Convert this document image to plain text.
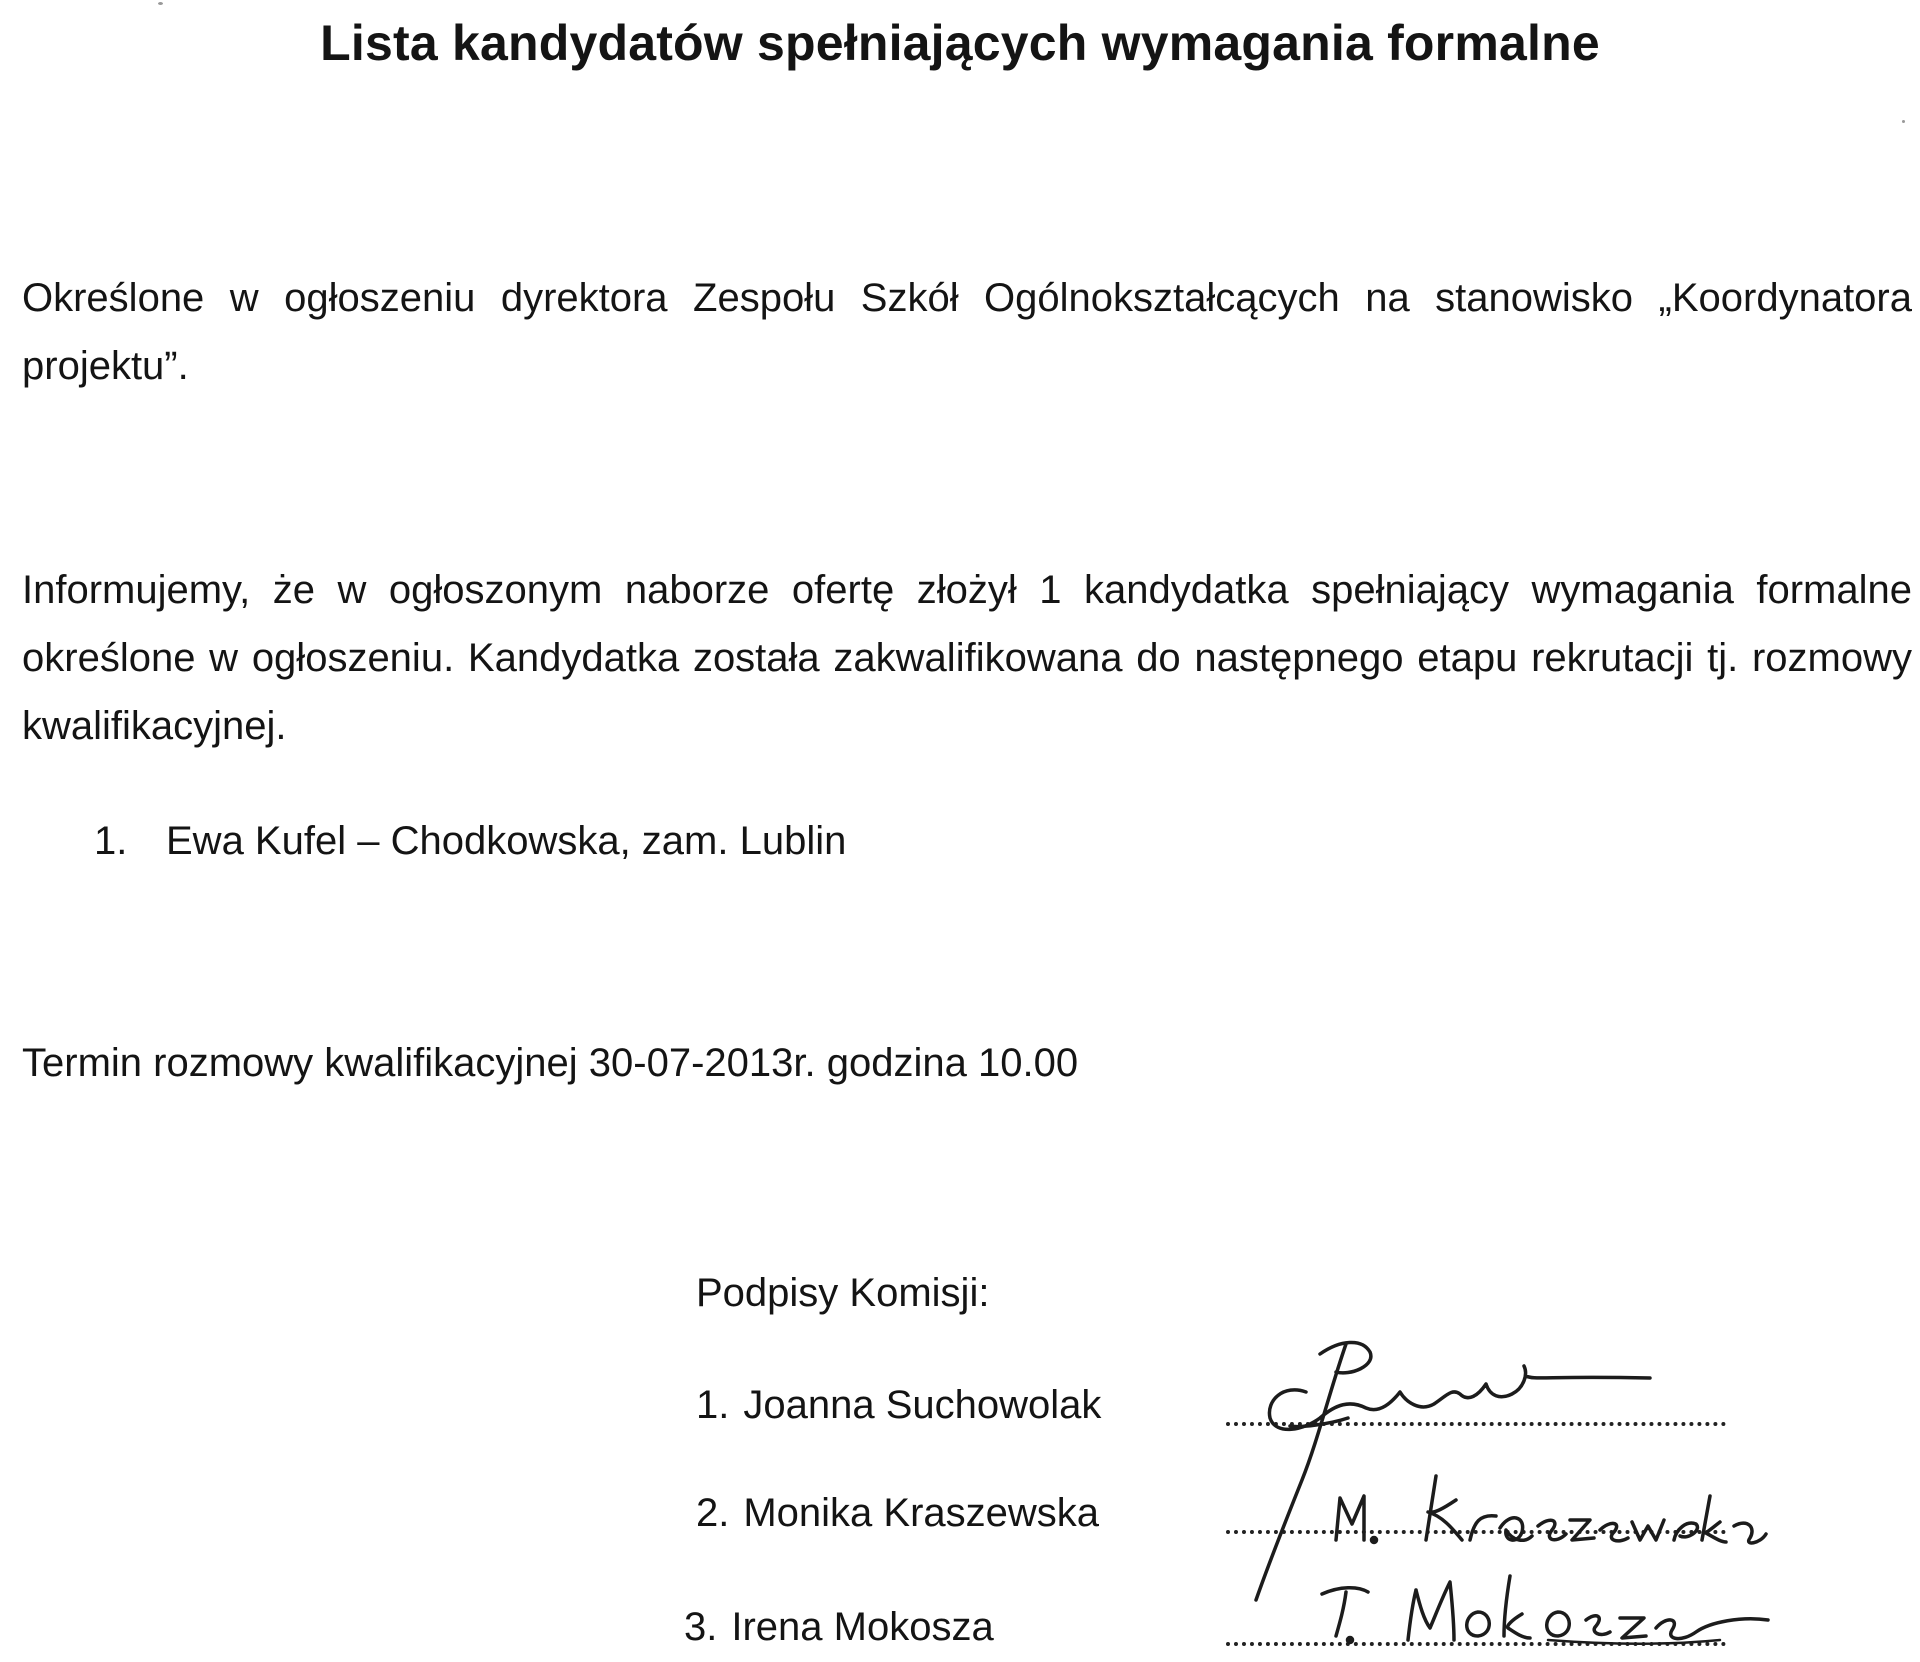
Lista kandydatów spełniających wymagania formalne
Określone w ogłoszeniu dyrektora Zespołu Szkół Ogólnokształcących na stanowisko „Koordynatora projektu”.
Informujemy, że w ogłoszonym naborze ofertę złożył 1 kandydatka spełniający wymagania formalne określone w ogłoszeniu. Kandydatka została zakwalifikowana do następnego etapu rekrutacji tj. rozmowy kwalifikacyjnej.
1. Ewa Kufel – Chodkowska, zam. Lublin
Termin rozmowy kwalifikacyjnej 30-07-2013r. godzina 10.00
Podpisy Komisji:
1. Joanna Suchowolak
2. Monika Kraszewska
3. Irena Mokosza
